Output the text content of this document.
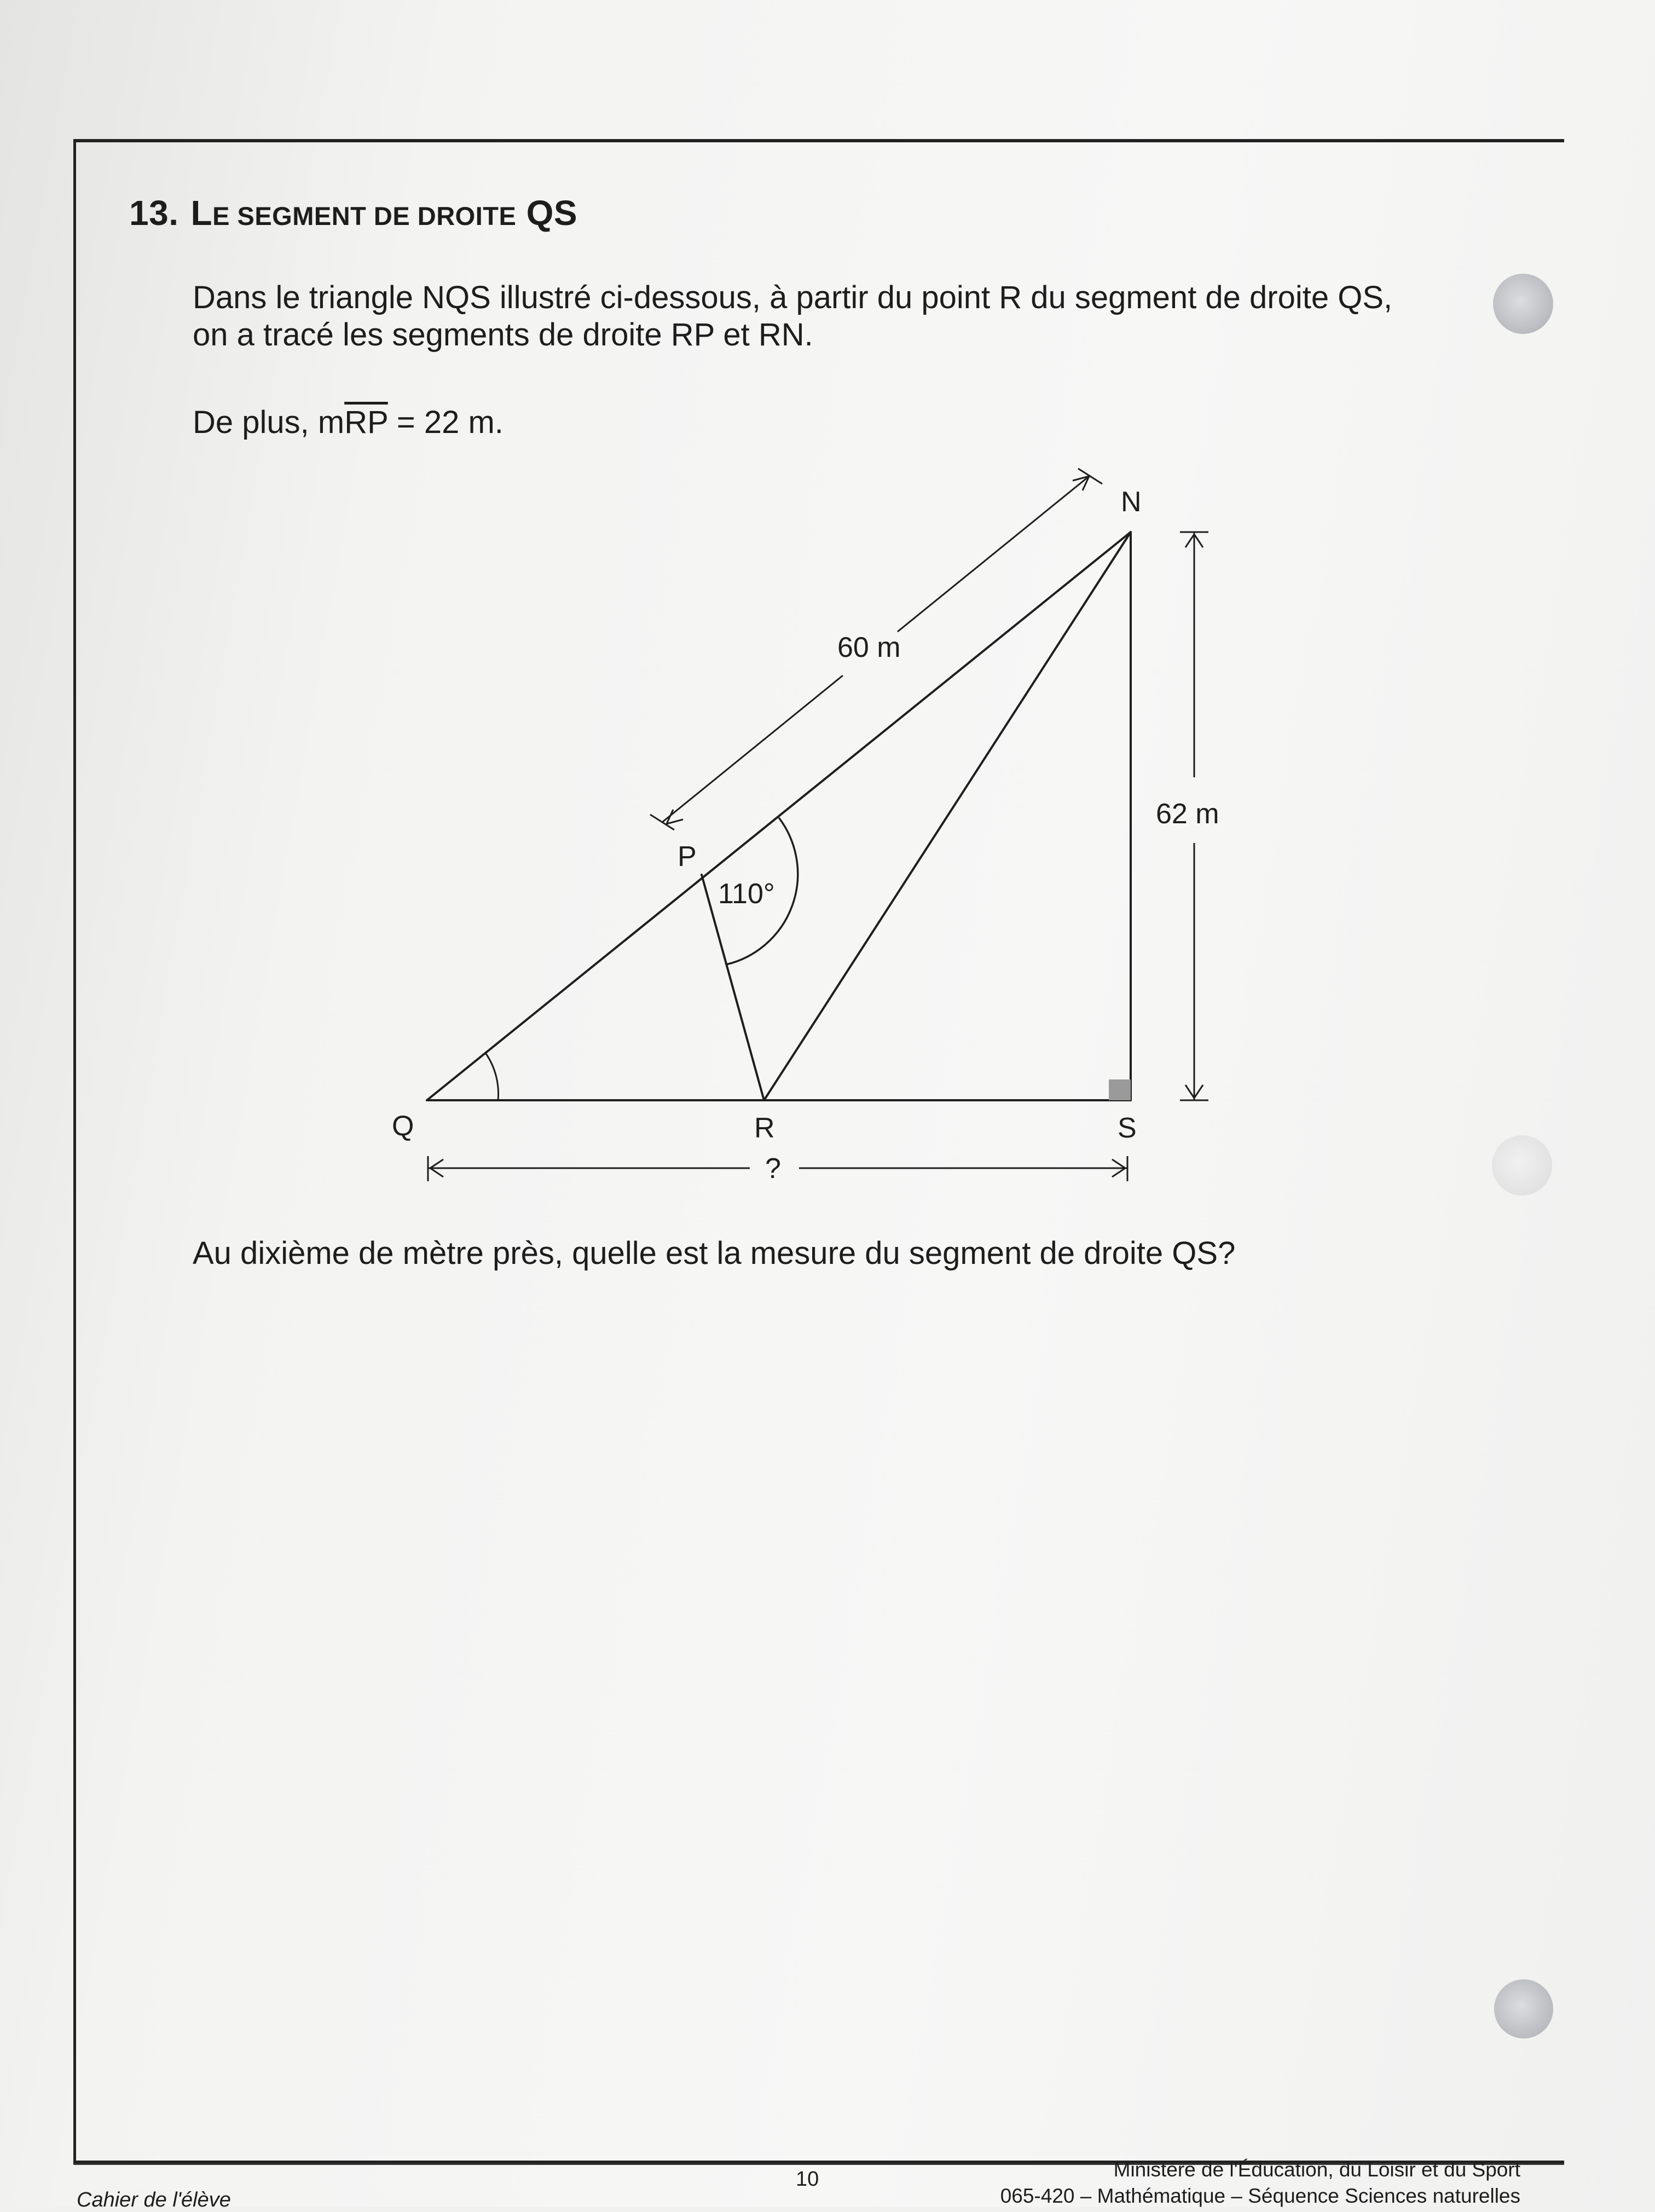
13. LE SEGMENT DE DROITE QS
Dans le triangle NQS illustré ci-dessous, à partir du point R du segment de droite QS,
on a tracé les segments de droite RP et RN.
De plus, $m\overline{RP} = 22$ m.
N
P
Q	R	S
60 m
62 m
110°
?
Au dixième de mètre près, quelle est la mesure du segment de droite QS?
Cahier de l'élève
10	Ministère de l'Éducation, du Loisir et du Sport
065-420 – Mathématique – Séquence Sciences naturelles
